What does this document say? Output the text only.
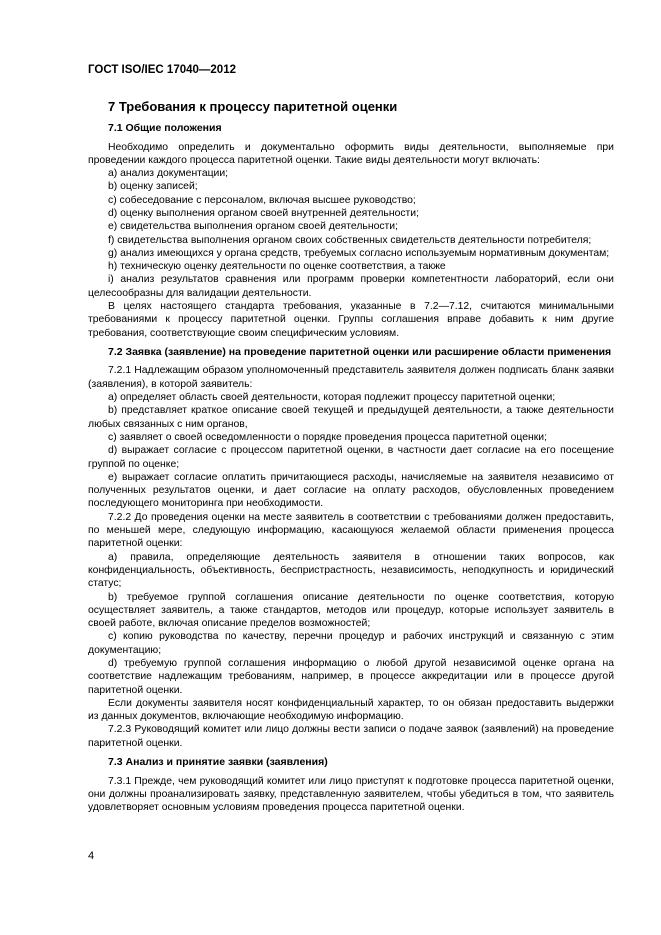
ГОСТ ISO/IEC 17040—2012
7 Требования к процессу паритетной оценки
7.1 Общие положения

Необходимо определить и документально оформить виды деятельности, выполняемые при проведении каждого процесса паритетной оценки. Такие виды деятельности могут включать:

a) анализ документации;

b) оценку записей;

c) собеседование с персоналом, включая высшее руководство;

d) оценку выполнения органом своей внутренней деятельности;

e) свидетельства выполнения органом своей деятельности;

f) свидетельства выполнения органом своих собственных свидетельств деятельности потребителя;

g) анализ имеющихся у органа средств, требуемых согласно используемым нормативным документам;

h) техническую оценку деятельности по оценке соответствия, а также

i) анализ результатов сравнения или программ проверки компетентности лабораторий, если они целесообразны для валидации деятельности.

В целях настоящего стандарта требования, указанные в 7.2—7.12, считаются минимальными требованиями к процессу паритетной оценки. Группы соглашения вправе добавить к ним другие требования, соответствующие своим специфическим условиям.

7.2 Заявка (заявление) на проведение паритетной оценки или расширение области применения

7.2.1 Надлежащим образом уполномоченный представитель заявителя должен подписать бланк заявки (заявления), в которой заявитель:

a) определяет область своей деятельности, которая подлежит процессу паритетной оценки;

b) представляет краткое описание своей текущей и предыдущей деятельности, а также деятельности любых связанных с ним органов,

c) заявляет о своей осведомленности о порядке проведения процесса паритетной оценки;

d) выражает согласие с процессом паритетной оценки, в частности дает согласие на его посещение группой по оценке;

e) выражает согласие оплатить причитающиеся расходы, начисляемые на заявителя независимо от полученных результатов оценки, и дает согласие на оплату расходов, обусловленных проведением последующего мониторинга при необходимости.

7.2.2 До проведения оценки на месте заявитель в соответствии с требованиями должен предоставить, по меньшей мере, следующую информацию, касающуюся желаемой области применения процесса паритетной оценки:

a) правила, определяющие деятельность заявителя в отношении таких вопросов, как конфиденциальность, объективность, беспристрастность, независимость, неподкупность и юридический статус;

b) требуемое группой соглашения описание деятельности по оценке соответствия, которую осуществляет заявитель, а также стандартов, методов или процедур, которые использует заявитель в своей работе, включая описание пределов возможностей;

c) копию руководства по качеству, перечни процедур и рабочих инструкций и связанную с этим документацию;

d) требуемую группой соглашения информацию о любой другой независимой оценке органа на соответствие надлежащим требованиям, например, в процессе аккредитации или в процессе другой паритетной оценки.

Если документы заявителя носят конфиденциальный характер, то он обязан предоставить выдержки из данных документов, включающие необходимую информацию.

7.2.3 Руководящий комитет или лицо должны вести записи о подаче заявок (заявлений) на проведение паритетной оценки.

7.3 Анализ и принятие заявки (заявления)

7.3.1 Прежде, чем руководящий комитет или лицо приступят к подготовке процесса паритетной оценки, они должны проанализировать заявку, представленную заявителем, чтобы убедиться в том, что заявитель удовлетворяет основным условиям проведения процесса паритетной оценки.

4
